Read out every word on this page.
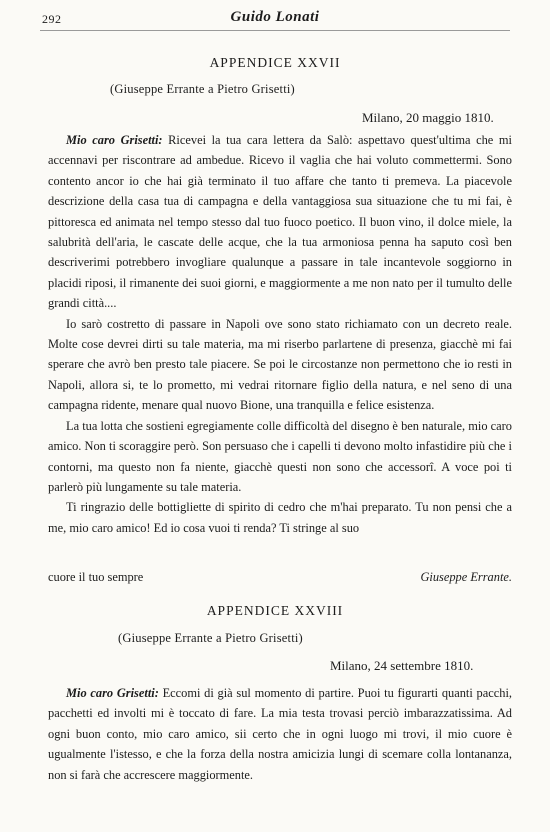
292	Guido Lonati
APPENDICE XXVII
(Giuseppe Errante a Pietro Grisetti)
Milano, 20 maggio 1810.

Mio caro Grisetti: Ricevei la tua cara lettera da Salò: aspettavo quest'ultima che mi accennavi per riscontrare ad ambedue. Ricevo il vaglia che hai voluto commettermi. Sono contento ancor io che hai già terminato il tuo affare che tanto ti premeva. La piacevole descrizione della casa tua di campagna e della vantaggiosa sua situazione che tu mi fai, è pittoresca ed animata nel tempo stesso dal tuo fuoco poetico. Il buon vino, il dolce miele, la salubrità dell'aria, le cascate delle acque, che la tua armoniosa penna ha saputo così ben descriverimi potrebbero invogliare qualunque a passare in tale incantevole soggiorno in placidi riposi, il rimanente dei suoi giorni, e maggiormente a me non nato per il tumulto delle grandi città....

Io sarò costretto di passare in Napoli ove sono stato richiamato con un decreto reale. Molte cose devrei dirti su tale materia, ma mi riserbo parlartene di presenza, giacchè mi fai sperare che avrò ben presto tale piacere. Se poi le circostanze non permettono che io resti in Napoli, allora si, te lo prometto, mi vedrai ritornare figlio della natura, e nel seno di una campagna ridente, menare qual nuovo Bione, una tranquilla e felice esistenza.

La tua lotta che sostieni egregiamente colle difficoltà del disegno è ben naturale, mio caro amico. Non ti scoraggire però. Son persuaso che i capelli ti devono molto infastidire più che i contorni, ma questo non fa niente, giacchè questi non sono che accessorî. A voce poi ti parlerò più lungamente su tale materia.

Ti ringrazio delle bottigliette di spirito di cedro che m'hai preparato. Tu non pensi che a me, mio caro amico! Ed io cosa vuoi ti renda? Ti stringe al suo

cuore il tuo sempre	Giuseppe Errante.
APPENDICE XXVIII
(Giuseppe Errante a Pietro Grisetti)
Milano, 24 settembre 1810.

Mio caro Grisetti: Eccomi di già sul momento di partire. Puoi tu figurarti quanti pacchi, pacchetti ed involti mi è toccato di fare. La mia testa trovasi perciò imbarazzatissima. Ad ogni buon conto, mio caro amico, sii certo che in ogni luogo mi trovi, il mio cuore è ugualmente l'istesso, e che la forza della nostra amicizia lungi di scemare colla lontananza, non si farà che accrescere maggiormente.
